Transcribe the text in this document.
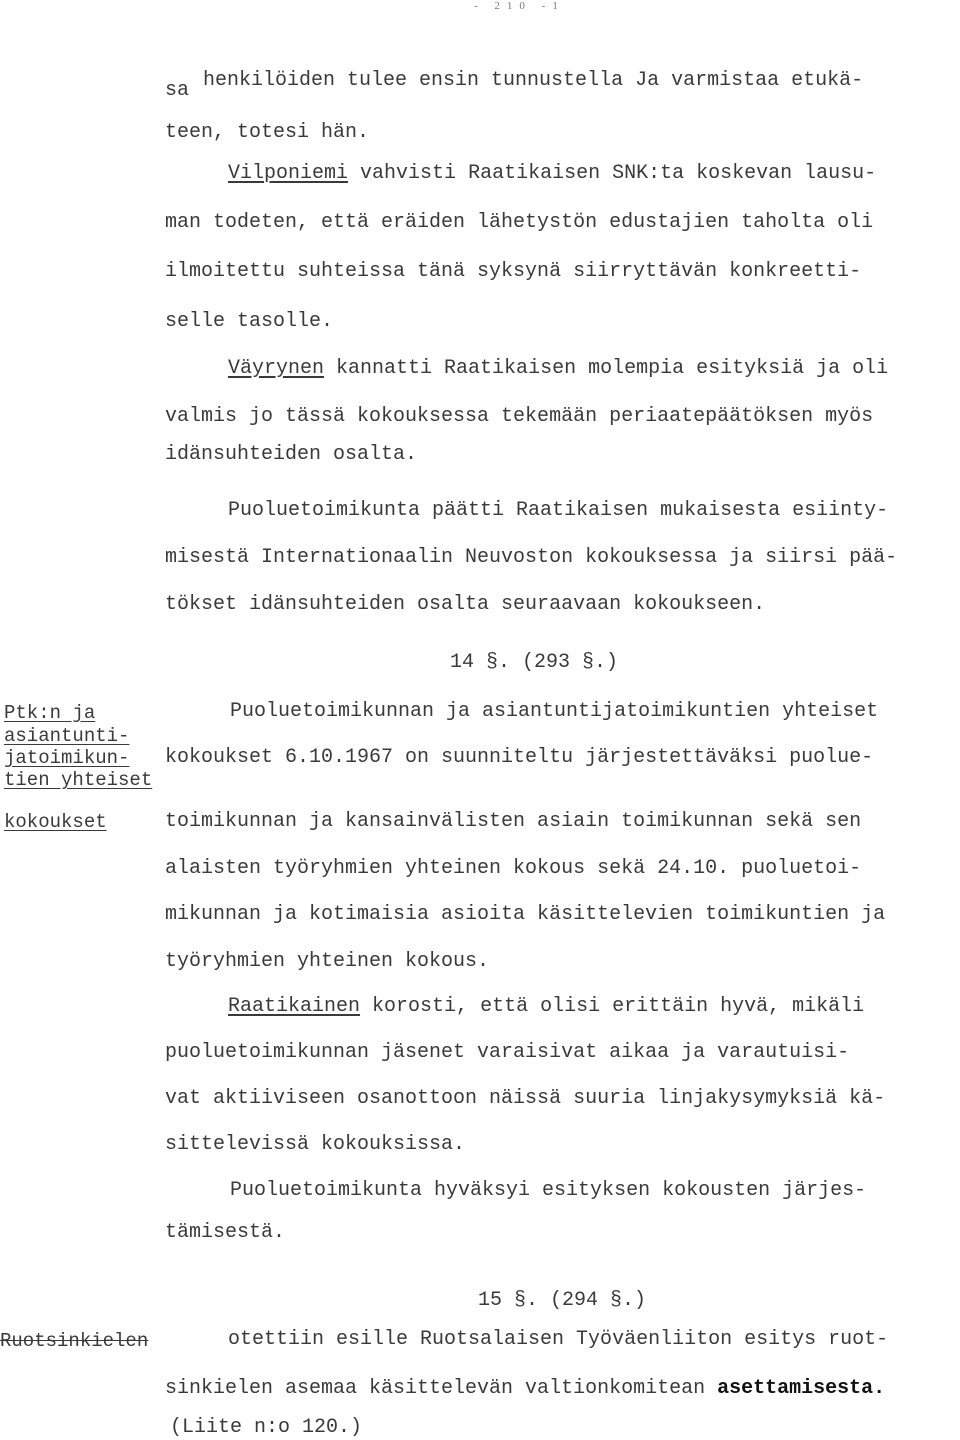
- 210 -1
sa henkilöiden tulee ensin tunnustella Ja varmistaa etukä-
teen, totesi hän.
Vilponiemi vahvisti Raatikaisen SNK:ta koskevan lausu-
man todeten, että eräiden lähetystön edustajien taholta oli
ilmoitettu suhteissa tänä syksynä siirryttävän konkreetti-
selle tasolle.
Väyrynen kannatti Raatikaisen molempia esityksiä ja oli
valmis jo tässä kokouksessa tekemään periaatepäätöksen myös
idänsuhteiden osalta.
Puoluetoimikunta päätti Raatikaisen mukaisesta esiinty-
misestä Internationaalin Neuvoston kokouksessa ja siirsi pää-
tökset idänsuhteiden osalta seuraavaan kokoukseen.
14 §. (293 §.)
Ptk:n ja
asiantunti-
jatoimikun-
tien yhteiset
kokoukset
Puoluetoimikunnan ja asiantuntijatoimikuntien yhteiset
kokoukset 6.10.1967 on suunniteltu järjestettäväksi puolue-
toimikunnan ja kansainvälisten asiain toimikunnan sekä sen
alaisten työryhmien yhteinen kokous sekä 24.10. puoluetoi-
mikunnan ja kotimaisia asioita käsittelevien toimikuntien ja
työryhmien yhteinen kokous.
Raatikainen korosti, että olisi erittäin hyvä, mikäli
puoluetoimikunnan jäsenet varaisivat aikaa ja varautuisi-
vat aktiiviseen osanottoon näissä suuria linjakysymyksiä kä-
sittelevissä kokouksissa.
Puoluetoimikunta hyväksyi esityksen kokousten järjes-
tämisestä.
15 §. (294 §.)
Ruotsinkielen	otettiin esille Ruotsalaisen Työväenliiton esitys ruot-
sinkielen asemaa käsittelevän valtionkomitean asettamisesta.
(Liite n:o 120.)
